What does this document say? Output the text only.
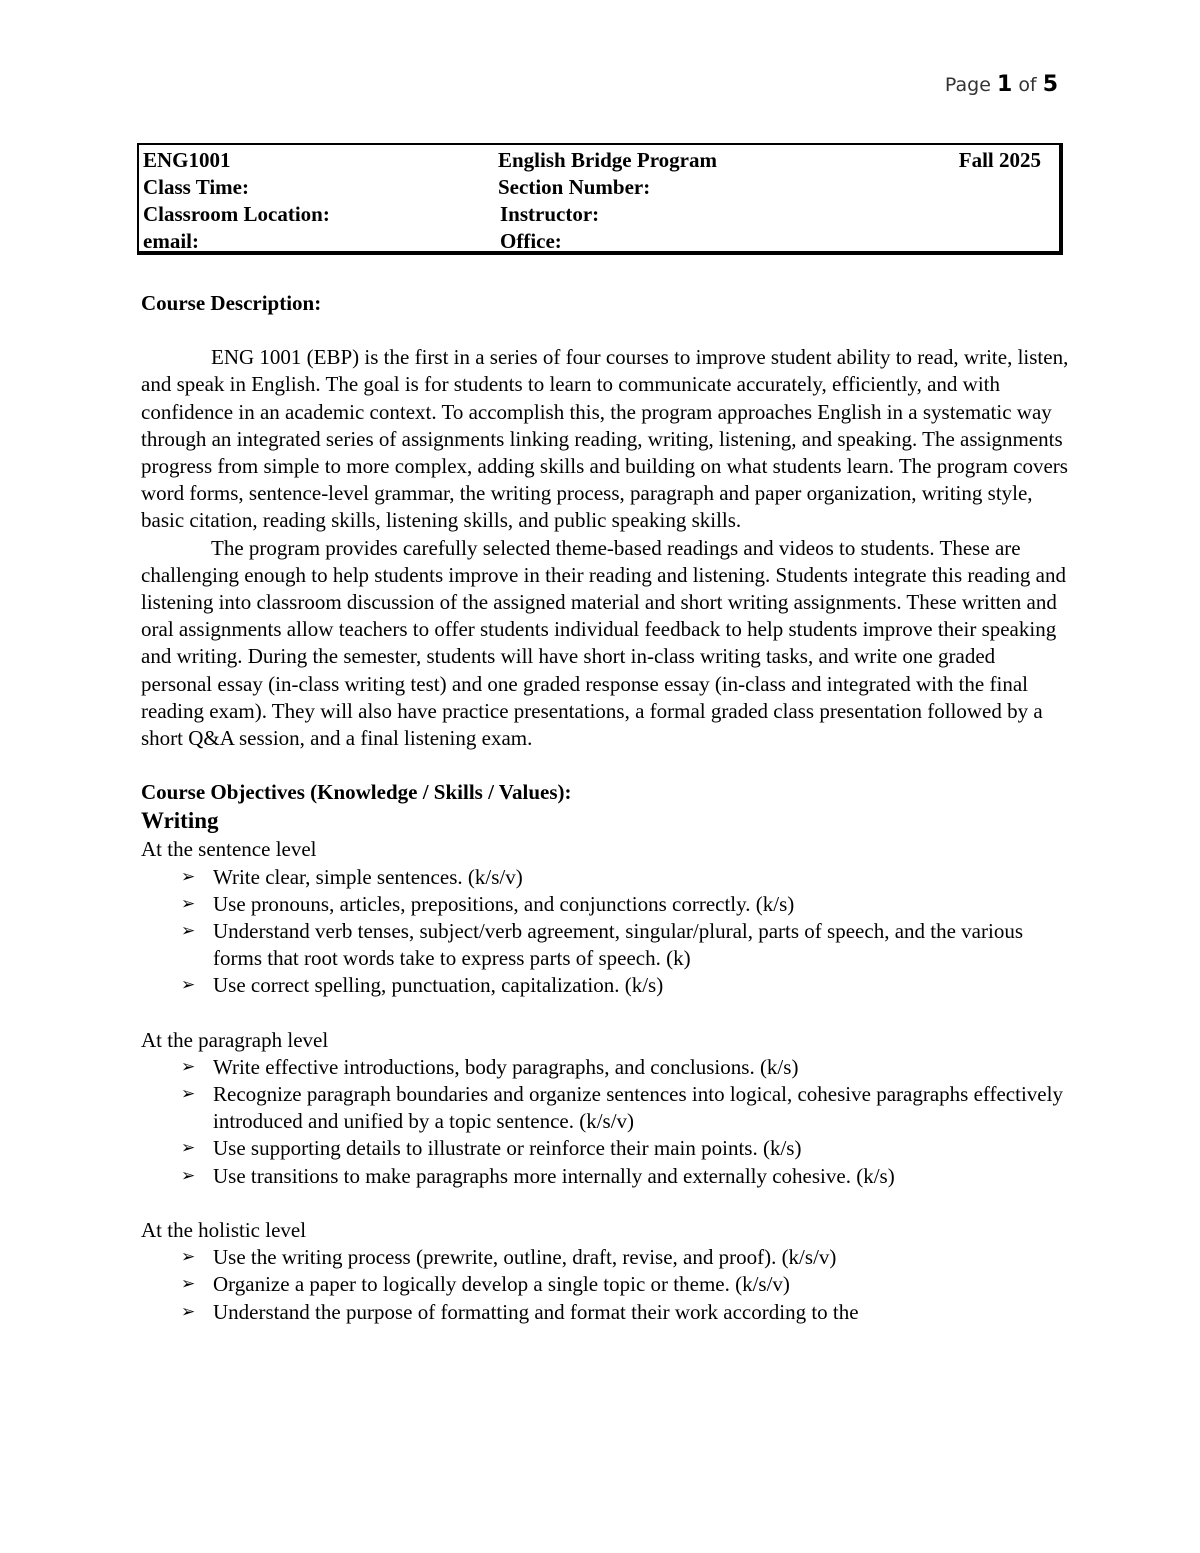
Page 1 of 5
ENG1001	English Bridge Program	Fall 2025
Class Time:	Section Number:
Classroom Location:	Instructor:
email:	Office:

Course Description:

ENG 1001 (EBP) is the first in a series of four courses to improve student ability to read, write, listen, and speak in English. The goal is for students to learn to communicate accurately, efficiently, and with confidence in an academic context. To accomplish this, the program approaches English in a systematic way through an integrated series of assignments linking reading, writing, listening, and speaking. The assignments progress from simple to more complex, adding skills and building on what students learn. The program covers word forms, sentence-level grammar, the writing process, paragraph and paper organization, writing style, basic citation, reading skills, listening skills, and public speaking skills.

The program provides carefully selected theme-based readings and videos to students. These are challenging enough to help students improve in their reading and listening. Students integrate this reading and listening into classroom discussion of the assigned material and short writing assignments. These written and oral assignments allow teachers to offer students individual feedback to help students improve their speaking and writing. During the semester, students will have short in-class writing tasks, and write one graded personal essay (in-class writing test) and one graded response essay (in-class and integrated with the final reading exam). They will also have practice presentations, a formal graded class presentation followed by a short Q&A session, and a final listening exam.

Course Objectives (Knowledge / Skills / Values):

Writing

At the sentence level

➢ Write clear, simple sentences. (k/s/v)
➢ Use pronouns, articles, prepositions, and conjunctions correctly. (k/s)
➢ Understand verb tenses, subject/verb agreement, singular/plural, parts of speech, and the various forms that root words take to express parts of speech. (k)
➢ Use correct spelling, punctuation, capitalization. (k/s)

At the paragraph level

➢ Write effective introductions, body paragraphs, and conclusions. (k/s)
➢ Recognize paragraph boundaries and organize sentences into logical, cohesive paragraphs effectively introduced and unified by a topic sentence. (k/s/v)
➢ Use supporting details to illustrate or reinforce their main points. (k/s)
➢ Use transitions to make paragraphs more internally and externally cohesive. (k/s)

At the holistic level

➢ Use the writing process (prewrite, outline, draft, revise, and proof). (k/s/v)
➢ Organize a paper to logically develop a single topic or theme. (k/s/v)
➢ Understand the purpose of formatting and format their work according to the
